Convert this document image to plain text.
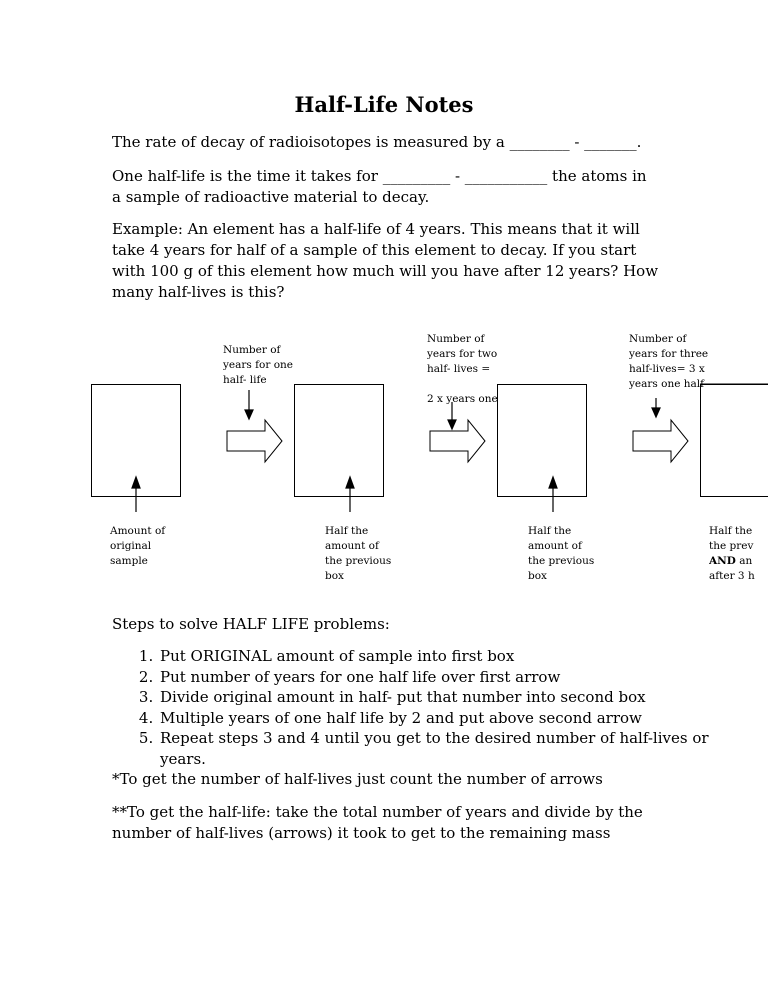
Half-Life Notes

The rate of decay of radioisotopes is measured by a ________ - _______.

One half-life is the time it takes for _________ - ___________ the atoms in

a sample of radioactive material to decay.

Example: An element has a half-life of 4 years. This means that it will
take 4 years for half of a sample of this element to decay. If you start
with 100 g of this element how much will you have after 12 years? How
many half-lives is this?
Number of
years for one
half- life
Number of
years for two
half- lives =
2 x years one
Number of
years for three
half-lives= 3 x
years one half
Amount of
original
sample
Half the
amount of
the previous
box
Half the
amount of
the previous
box
Half the
the prev
AND an
after 3 h

Steps to solve HALF LIFE problems:

1. Put ORIGINAL amount of sample into first box
2. Put number of years for one half life over first arrow
3. Divide original amount in half- put that number into second box
4. Multiple years of one half life by 2 and put above second arrow
5. Repeat steps 3 and 4 until you get to the desired number of half-lives or years.

*To get the number of half-lives just count the number of arrows

**To get the half-life: take the total number of years and divide by the

number of half-lives (arrows) it took to get to the remaining mass
